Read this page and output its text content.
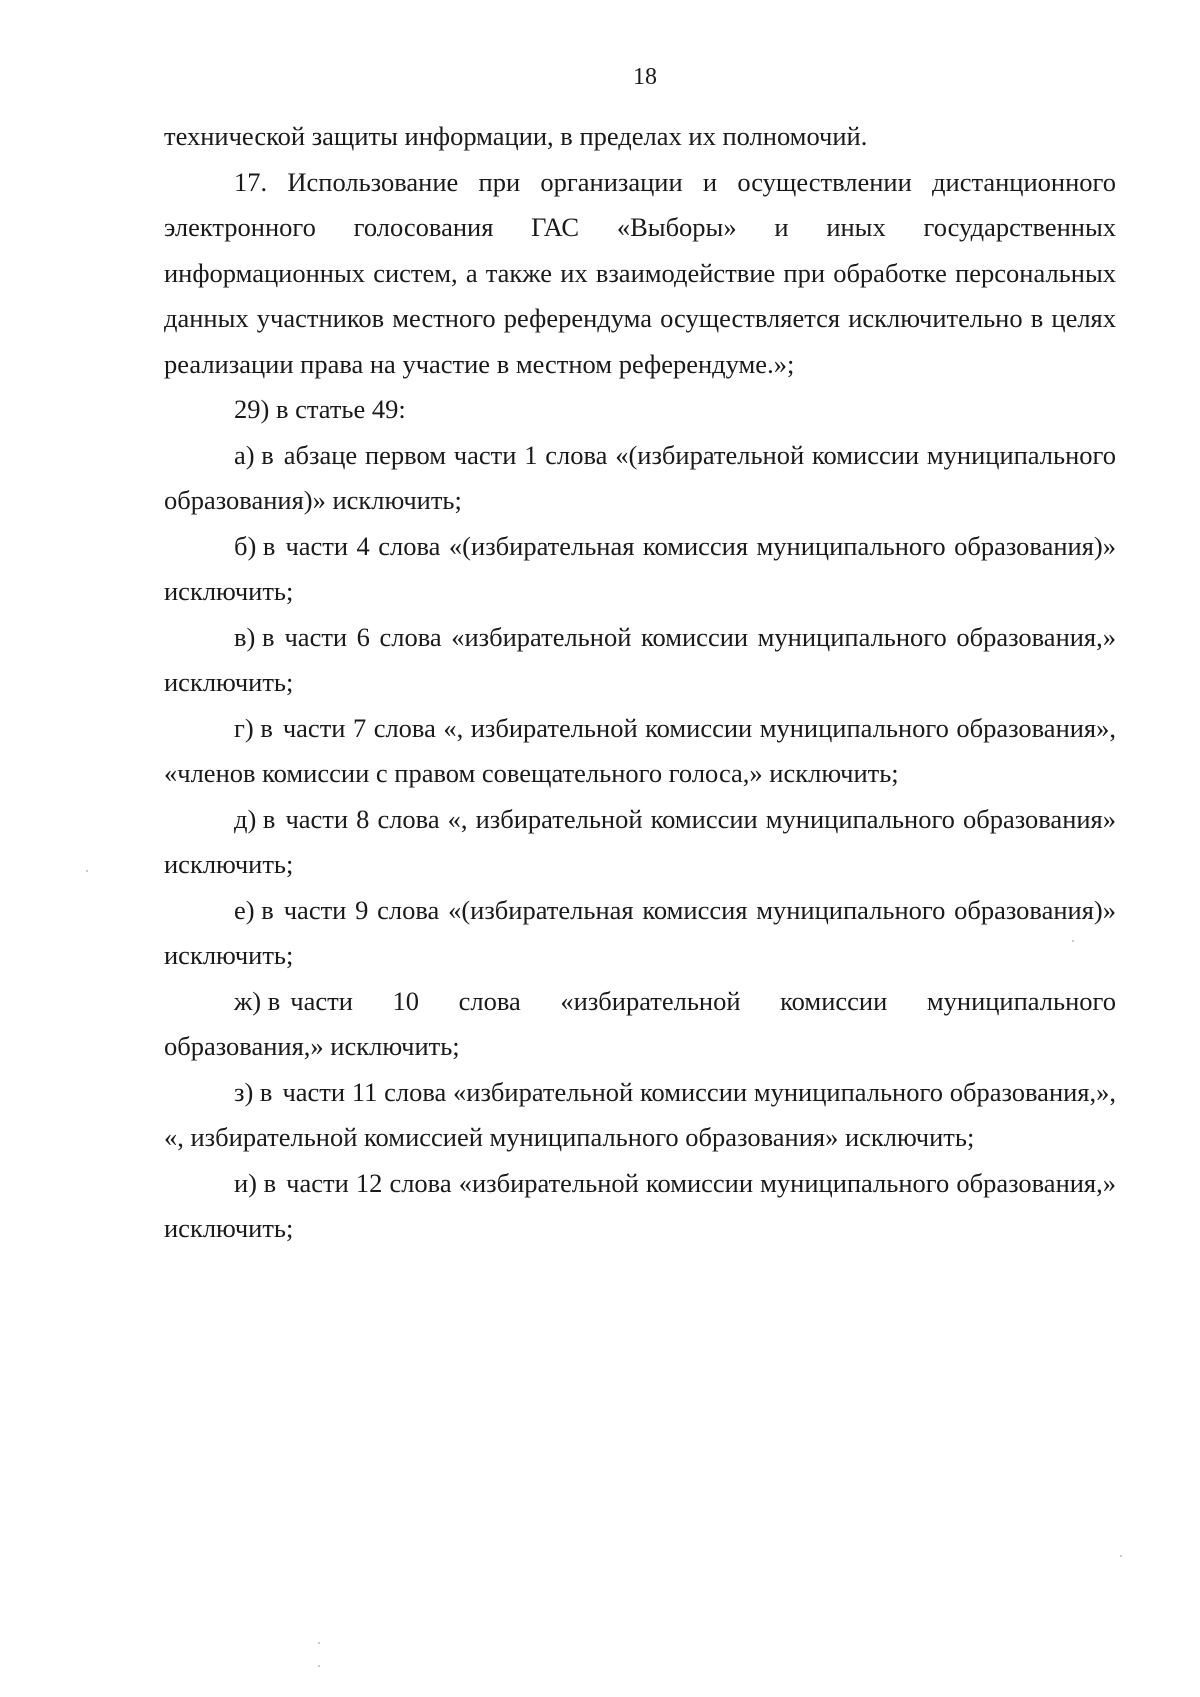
18

технической защиты информации, в пределах их полномочий.

17. Использование при организации и осуществлении дистанционного электронного голосования ГАС «Выборы» и иных государственных информационных систем, а также их взаимодействие при обработке персональных данных участников местного референдума осуществляется исключительно в целях реализации права на участие в местном референдуме.»;

29) в статье 49:

а) в абзаце первом части 1 слова «(избирательной комиссии муниципального образования)» исключить;

б) в части 4 слова «(избирательная комиссия муниципального образования)» исключить;

в) в части 6 слова «избирательной комиссии муниципального образования,» исключить;

г) в части 7 слова «, избирательной комиссии муниципального образования», «членов комиссии с правом совещательного голоса,» исключить;

д) в части 8 слова «, избирательной комиссии муниципального образования» исключить;

е) в части 9 слова «(избирательная комиссия муниципального образования)» исключить;

ж) в части 10 слова «избирательной комиссии муниципального образования,» исключить;

з) в части 11 слова «избирательной комиссии муниципального образования,», «, избирательной комиссией муниципального образования» исключить;

и) в части 12 слова «избирательной комиссии муниципального образования,» исключить;
